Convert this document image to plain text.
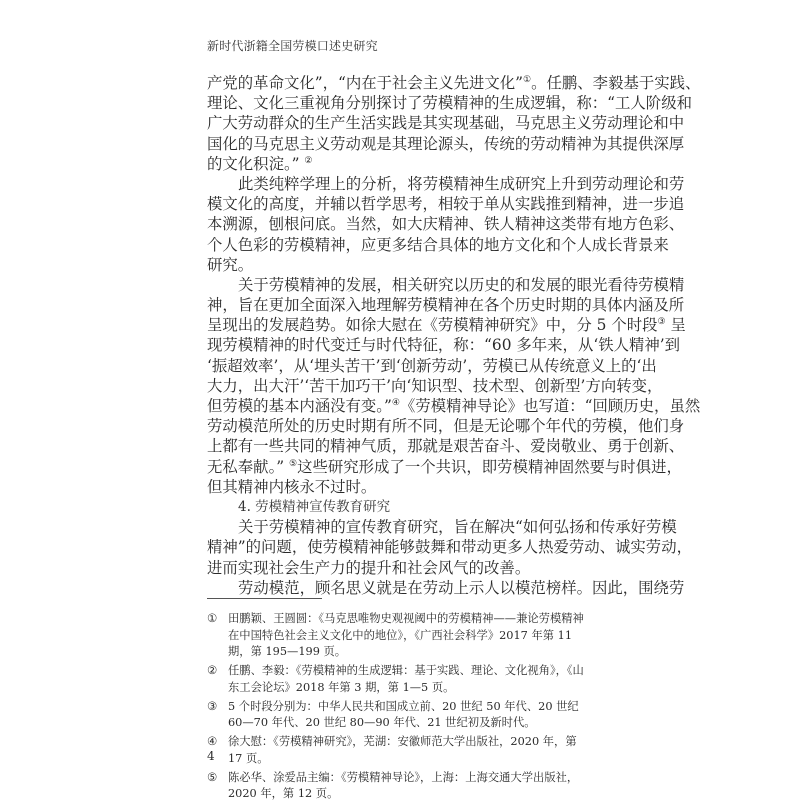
新时代浙籍全国劳模口述史研究
产党的革命文化”，“内在于社会主义先进文化”①。任鹏、李毅基于实践、
理论、文化三重视角分别探讨了劳模精神的生成逻辑，称：“工人阶级和
广大劳动群众的生产生活实践是其实现基础，马克思主义劳动理论和中
国化的马克思主义劳动观是其理论源头，传统的劳动精神为其提供深厚
的文化积淀。” ②
此类纯粹学理上的分析，将劳模精神生成研究上升到劳动理论和劳
模文化的高度，并辅以哲学思考，相较于单从实践推到精神，进一步追
本溯源，刨根问底。当然，如大庆精神、铁人精神这类带有地方色彩、
个人色彩的劳模精神，应更多结合具体的地方文化和个人成长背景来
研究。
关于劳模精神的发展，相关研究以历史的和发展的眼光看待劳模精
神，旨在更加全面深入地理解劳模精神在各个历史时期的具体内涵及所
呈现出的发展趋势。如徐大慰在《劳模精神研究》中，分 5 个时段③ 呈
现劳模精神的时代变迁与时代特征，称：“60 多年来，从‘铁人精神’到
‘振超效率’，从‘埋头苦干’到‘创新劳动’，劳模已从传统意义上的‘出
大力，出大汗’‘苦干加巧干’向‘知识型、技术型、创新型’方向转变，
但劳模的基本内涵没有变。”④《劳模精神导论》也写道：“回顾历史，虽然
劳动模范所处的历史时期有所不同，但是无论哪个年代的劳模，他们身
上都有一些共同的精神气质，那就是艰苦奋斗、爱岗敬业、勇于创新、
无私奉献。” ⑤这些研究形成了一个共识，即劳模精神固然要与时俱进，
但其精神内核永不过时。
4. 劳模精神宣传教育研究
关于劳模精神的宣传教育研究，旨在解决“如何弘扬和传承好劳模
精神”的问题，使劳模精神能够鼓舞和带动更多人热爱劳动、诚实劳动，
进而实现社会生产力的提升和社会风气的改善。
劳动模范，顾名思义就是在劳动上示人以模范榜样。因此，围绕劳
① 田鹏颖、王圆圆：《马克思唯物史观视阈中的劳模精神——兼论劳模精神在中国特色社会主义文化中的地位》，《广西社会科学》2017 年第 11 期，第 195—199 页。
② 任鹏、李毅：《劳模精神的生成逻辑：基于实践、理论、文化视角》，《山东工会论坛》2018 年第 3 期，第 1—5 页。
③ 5 个时段分别为：中华人民共和国成立前、20 世纪 50 年代、20 世纪 60—70 年代、20 世纪 80—90 年代、21 世纪初及新时代。
④ 徐大慰：《劳模精神研究》，芜湖：安徽师范大学出版社，2020 年，第 17 页。
⑤ 陈必华、涂爱品主编：《劳模精神导论》，上海：上海交通大学出版社，2020 年，第 12 页。
4
